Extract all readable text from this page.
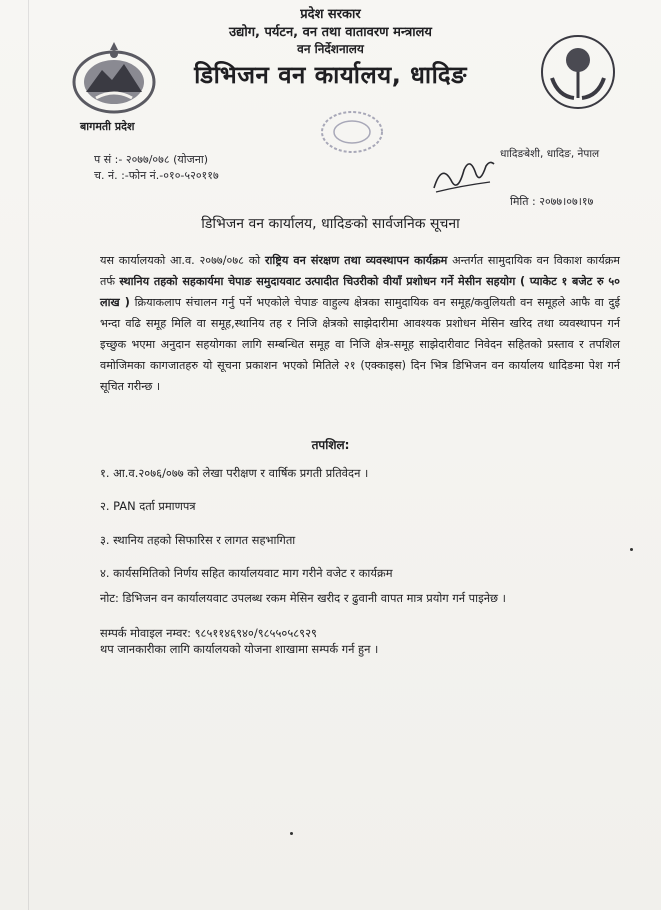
बागमती प्रदेश
प्रदेश सरकार
उद्योग, पर्यटन, वन तथा वातावरण मन्त्रालय
वन निर्देशनालय
डिभिजन वन कार्यालय, धादिङ
प सं :- २०७७/०७८ (योजना)
च. नं. :-फोन नं.-०१०-५२०११७
धादिङबेशी, धादिङ, नेपाल
मिति : २०७७।०७।१७
डिभिजन वन कार्यालय, धादिङको सार्वजनिक सूचना
यस कार्यालयको आ.व. २०७७/०७८ को राष्ट्रिय वन संरक्षण तथा व्यवस्थापन कार्यक्रम अन्तर्गत सामुदायिक वन विकाश कार्यक्रम तर्फ स्थानिय तहको सहकार्यमा चेपाङ समुदायवाट उत्पादीत चिउरीको वीयाँ प्रशोधन गर्ने मेसीन सहयोग ( प्याकेट १ बजेट रु ५० लाख ) क्रियाकलाप संचालन गर्नु पर्ने भएकोले चेपाङ वाहुल्य क्षेत्रका सामुदायिक वन समूह/कवुलियती वन समूहले आफै वा दुई भन्दा वढि समूह मिलि वा समूह,स्थानिय तह र निजि क्षेत्रको साझेदारीमा आवश्यक प्रशोधन मेसिन खरिद तथा व्यवस्थापन गर्न इच्छुक भएमा अनुदान सहयोगका लागि सम्बन्धित समूह वा निजि क्षेत्र-समूह साझेदारीवाट निवेदन सहितको प्रस्ताव र तपशिल वमोजिमका कागजातहरु यो सूचना प्रकाशन भएको मितिले २१ (एक्काइस) दिन भित्र डिभिजन वन कार्यालय धादिङमा पेश गर्न सूचित गरीन्छ ।
तपशिल:
१. आ.व.२०७६/०७७ को लेखा परीक्षण र वार्षिक प्रगती प्रतिवेदन ।
२. PAN दर्ता प्रमाणपत्र
३. स्थानिय तहको सिफारिस र लागत सहभागिता
४. कार्यसमितिको निर्णय सहित कार्यालयवाट माग गरीने वजेट र कार्यक्रम
नोट: डिभिजन वन कार्यालयवाट उपलब्ध रकम मेसिन खरीद र ढुवानी वापत मात्र प्रयोग गर्न पाइनेछ ।
सम्पर्क मोवाइल नम्वर: ९८५११४६९४०/९८५५०५८९२९
थप जानकारीका लागि कार्यालयको योजना शाखामा सम्पर्क गर्न हुन ।
